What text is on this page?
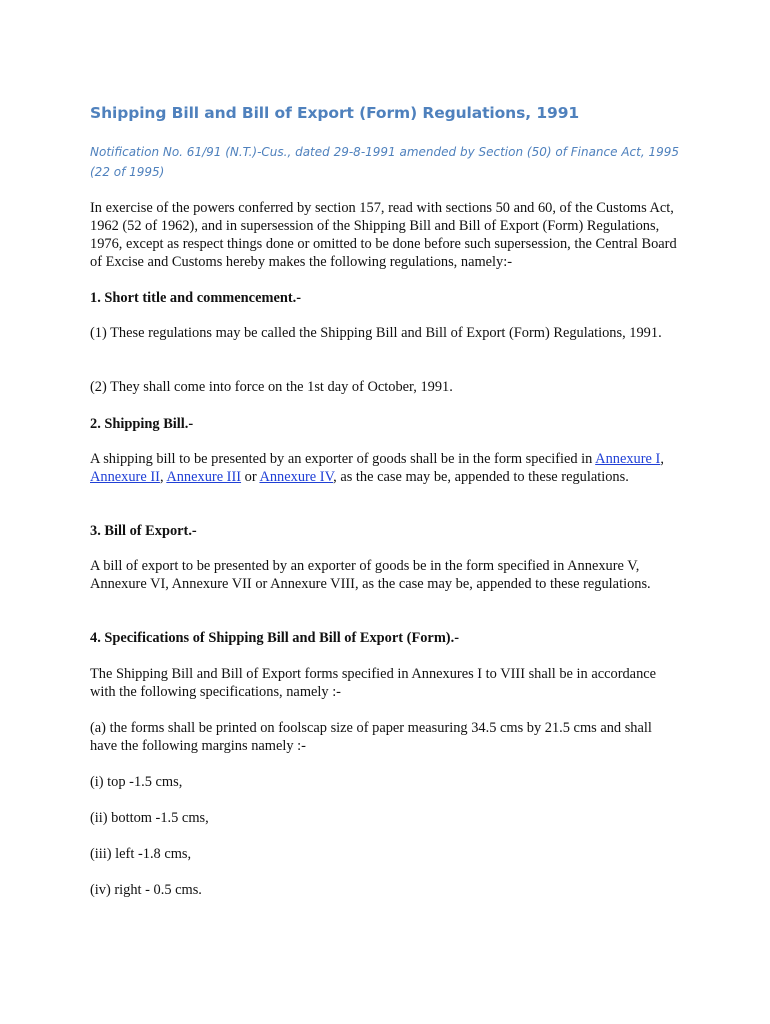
Shipping Bill and Bill of Export (Form) Regulations, 1991

Notification No. 61/91 (N.T.)-Cus., dated 29-8-1991 amended by Section (50) of Finance Act, 1995 (22 of 1995)

In exercise of the powers conferred by section 157, read with sections 50 and 60, of the Customs Act, 1962 (52 of 1962), and in supersession of the Shipping Bill and Bill of Export (Form) Regulations, 1976, except as respect things done or omitted to be done before such supersession, the Central Board of Excise and Customs hereby makes the following regulations, namely:-

1. Short title and commencement.-

(1) These regulations may be called the Shipping Bill and Bill of Export (Form) Regulations, 1991.

(2) They shall come into force on the 1st day of October, 1991.

2. Shipping Bill.-

A shipping bill to be presented by an exporter of goods shall be in the form specified in Annexure I, Annexure II, Annexure III or Annexure IV, as the case may be, appended to these regulations.

3. Bill of Export.-

A bill of export to be presented by an exporter of goods be in the form specified in Annexure V, Annexure VI, Annexure VII or Annexure VIII, as the case may be, appended to these regulations.

4. Specifications of Shipping Bill and Bill of Export (Form).-

The Shipping Bill and Bill of Export forms specified in Annexures I to VIII shall be in accordance with the following specifications, namely :-

(a) the forms shall be printed on foolscap size of paper measuring 34.5 cms by 21.5 cms and shall have the following margins namely :-

(i) top -1.5 cms,

(ii) bottom -1.5 cms,

(iii) left -1.8 cms,

(iv) right - 0.5 cms.
